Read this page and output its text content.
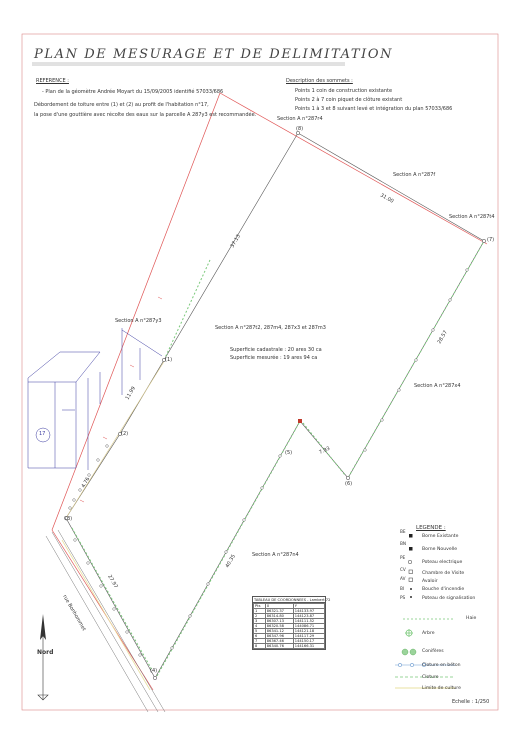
31.00
37.13
11.99
4.76
28.57
7.93
40.35
27.97
rue Bonhommet
PLAN DE MESURAGE ET DE DELIMITATION
REFERENCE :
- Plan de la géomètre Andrée Moyart du 15/09/2005 identifié 57033/686
Débordement de toiture entre (1) et (2) au profit de l'habitation n°17,
la pose d'une gouttière avec récolte des eaux sur la parcelle A 287y3 est recommandée.
Description des sommets :
Points 1 coin de construction existante
Points 2 à 7 coin piquet de clôture existant
Points 1 à 3 et 8 suivant levé et intégration du plan 57033/686
Section A n°287r4
Section A n°287f
Section A n°287t4
Section A n°287y3
Section A n°287t2, 287m4, 287x3 et 287m3
Section A n°287x4
Section A n°287n4
Superficie cadastrale : 20 ares 30 ca
Superficie mesurée : 19 ares 94 ca
(1)
(2)
(3)
(4)
(5)
(6)
(7)
(8)
17
Nord
TABLEAU DE COORDONNEES - Lambert 72
Pts	X	Y
1	86321.37	144133.97
2	86314.80	144123.87
3	86307.13	144111.52
4	86320.58	144086.71
5	86341.12	144121.18
6	86347.96	144117.29
7	86367.46	144150.17
8	86340.76	144166.31
LEGENDE :
BE
Borne Existante
BN
Borne Nouvelle
PE
Poteau electrique
CV
Chambre de Visite
AV
Avaloir
BI	Bouche d'incendie
PS	Poteau de signalisation
Haie
Arbre
Conifères
Cloture en béton
Cloture
Limite de culture
Echelle : 1/250
